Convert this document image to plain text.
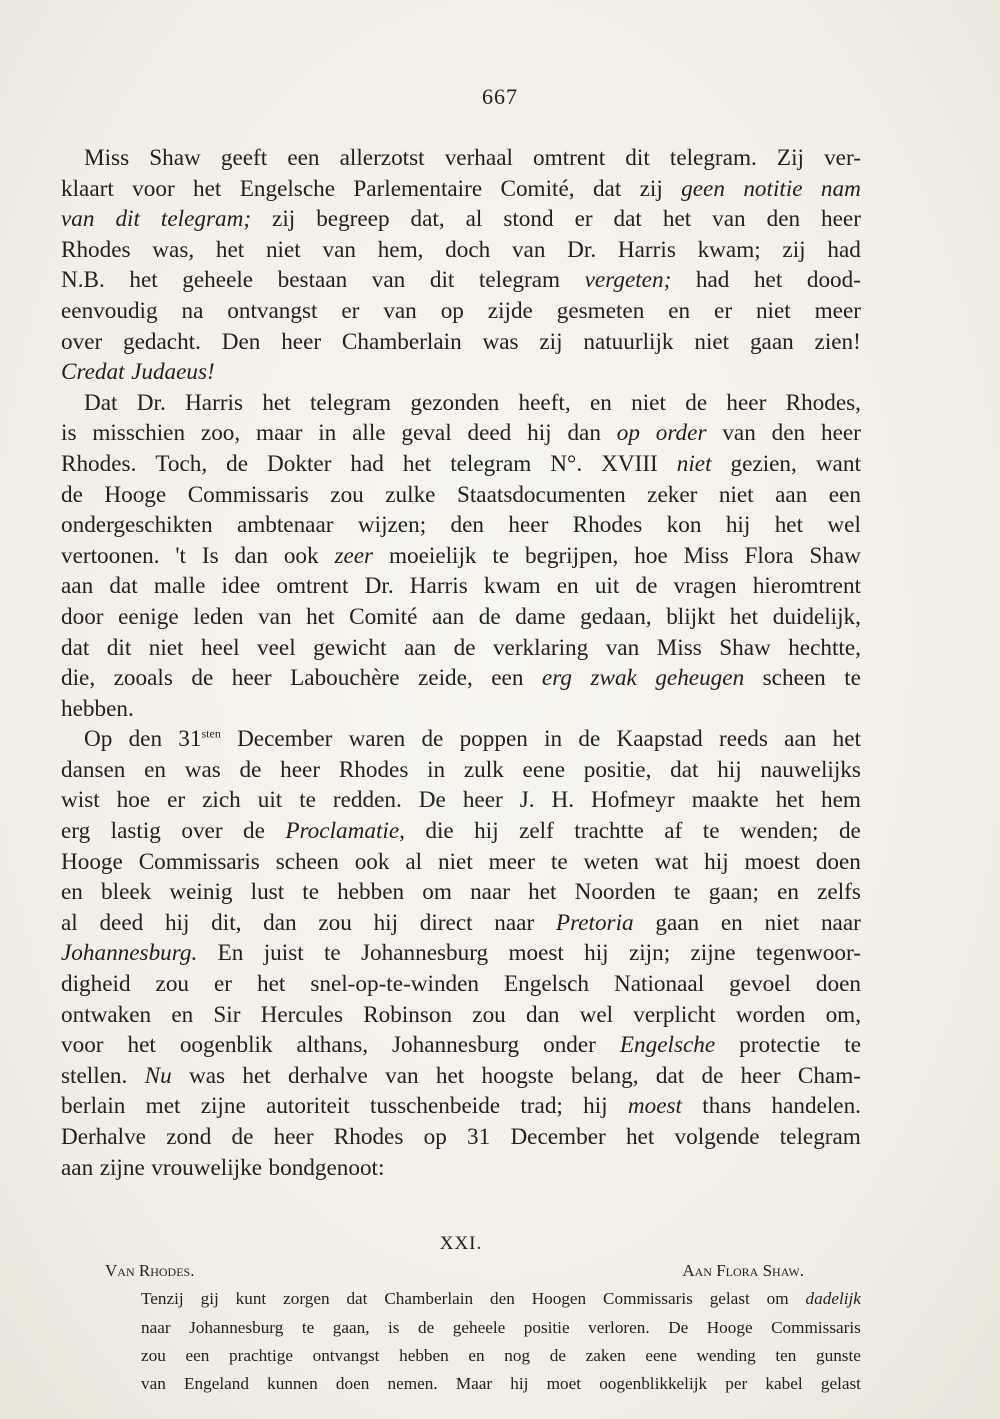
667
Miss Shaw geeft een allerzotst verhaal omtrent dit telegram. Zij ver-
klaart voor het Engelsche Parlementaire Comité, dat zij geen notitie nam
van dit telegram; zij begreep dat, al stond er dat het van den heer
Rhodes was, het niet van hem, doch van Dr. Harris kwam; zij had
N.B. het geheele bestaan van dit telegram vergeten; had het dood-
eenvoudig na ontvangst er van op zijde gesmeten en er niet meer
over gedacht. Den heer Chamberlain was zij natuurlijk niet gaan zien!
Credat Judaeus!
Dat Dr. Harris het telegram gezonden heeft, en niet de heer Rhodes,
is misschien zoo, maar in alle geval deed hij dan op order van den heer
Rhodes. Toch, de Dokter had het telegram N°. XVIII niet gezien, want
de Hooge Commissaris zou zulke Staatsdocumenten zeker niet aan een
ondergeschikten ambtenaar wijzen; den heer Rhodes kon hij het wel
vertoonen. 't Is dan ook zeer moeielijk te begrijpen, hoe Miss Flora Shaw
aan dat malle idee omtrent Dr. Harris kwam en uit de vragen hieromtrent
door eenige leden van het Comité aan de dame gedaan, blijkt het duidelijk,
dat dit niet heel veel gewicht aan de verklaring van Miss Shaw hechtte,
die, zooals de heer Labouchère zeide, een erg zwak geheugen scheen te
hebben.
Op den $31^{sten}$ December waren de poppen in de Kaapstad reeds aan het
dansen en was de heer Rhodes in zulk eene positie, dat hij nauwelijks
wist hoe er zich uit te redden. De heer J. H. Hofmeyr maakte het hem
erg lastig over de Proclamatie, die hij zelf trachtte af te wenden; de
Hooge Commissaris scheen ook al niet meer te weten wat hij moest doen
en bleek weinig lust te hebben om naar het Noorden te gaan; en zelfs
al deed hij dit, dan zou hij direct naar Pretoria gaan en niet naar
Johannesburg. En juist te Johannesburg moest hij zijn; zijne tegenwoor-
digheid zou er het snel-op-te-winden Engelsch Nationaal gevoel doen
ontwaken en Sir Hercules Robinson zou dan wel verplicht worden om,
voor het oogenblik althans, Johannesburg onder Engelsche protectie te
stellen. Nu was het derhalve van het hoogste belang, dat de heer Cham-
berlain met zijne autoriteit tusschenbeide trad; hij moest thans handelen.
Derhalve zond de heer Rhodes op 31 December het volgende telegram
aan zijne vrouwelijke bondgenoot:
XXI.
Van Rhodes.	Aan Flora Shaw.
Tenzij gij kunt zorgen dat Chamberlain den Hoogen Commissaris gelast om dadelijk
naar Johannesburg te gaan, is de geheele positie verloren. De Hooge Commissaris
zou een prachtige ontvangst hebben en nog de zaken eene wending ten gunste
van Engeland kunnen doen nemen. Maar hij moet oogenblikkelijk per kabel gelast
